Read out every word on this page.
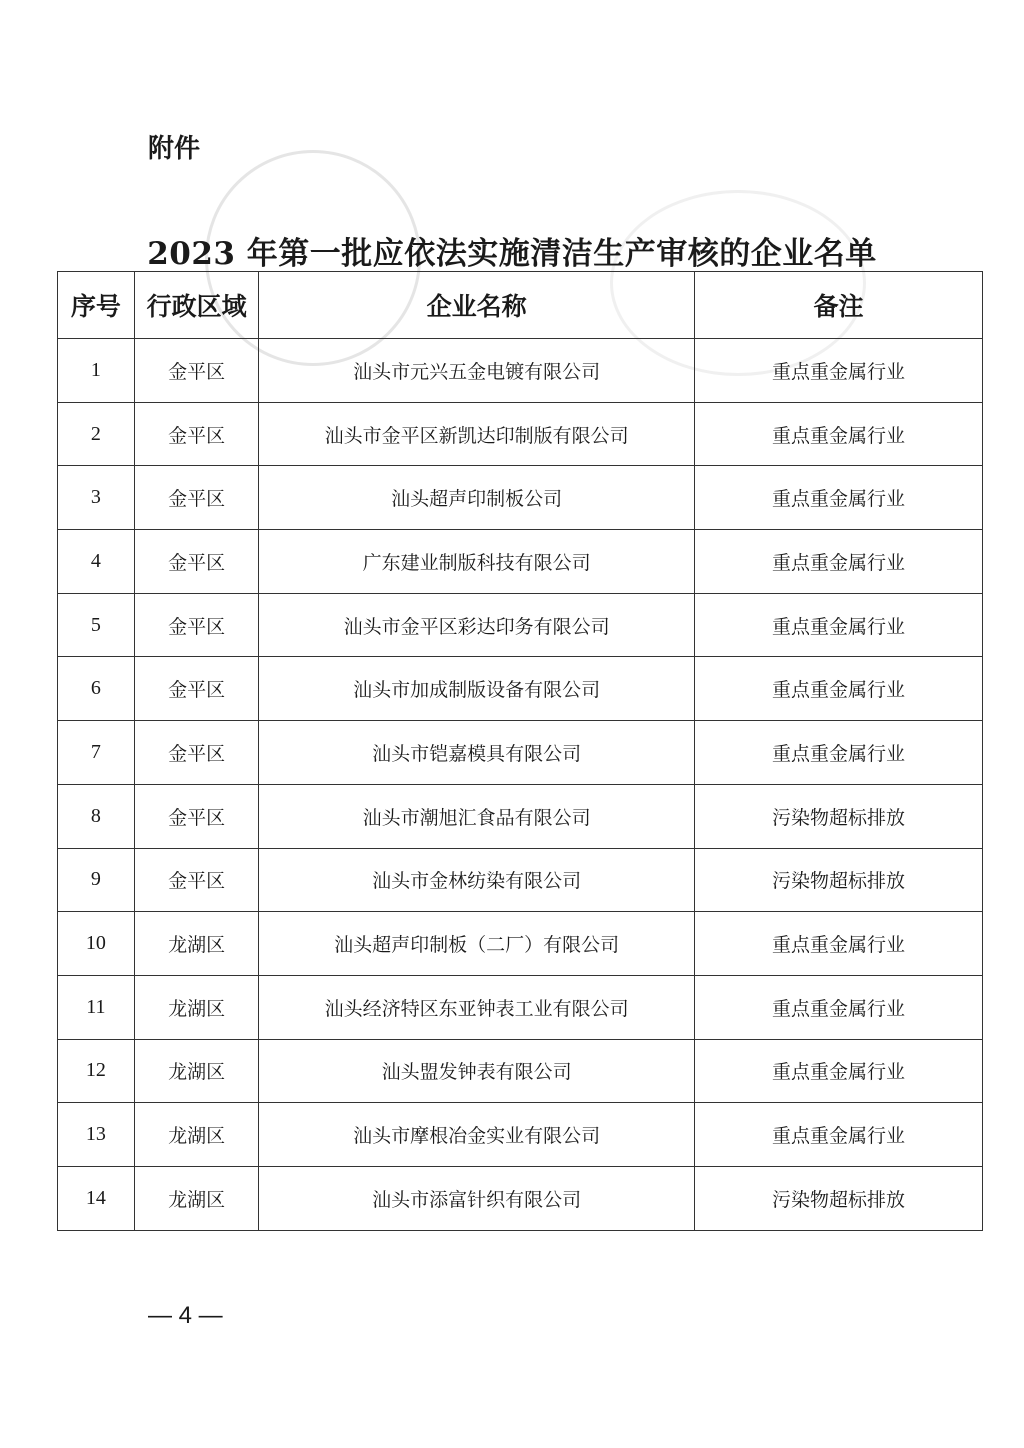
附件
2023 年第一批应依法实施清洁生产审核的企业名单
序号	行政区域	企业名称	备注
1	金平区	汕头市元兴五金电镀有限公司	重点重金属行业
2	金平区	汕头市金平区新凯达印制版有限公司	重点重金属行业
3	金平区	汕头超声印制板公司	重点重金属行业
4	金平区	广东建业制版科技有限公司	重点重金属行业
5	金平区	汕头市金平区彩达印务有限公司	重点重金属行业
6	金平区	汕头市加成制版设备有限公司	重点重金属行业
7	金平区	汕头市铠嘉模具有限公司	重点重金属行业
8	金平区	汕头市潮旭汇食品有限公司	污染物超标排放
9	金平区	汕头市金林纺染有限公司	污染物超标排放
10	龙湖区	汕头超声印制板（二厂）有限公司	重点重金属行业
11	龙湖区	汕头经济特区东亚钟表工业有限公司	重点重金属行业
12	龙湖区	汕头盟发钟表有限公司	重点重金属行业
13	龙湖区	汕头市摩根冶金实业有限公司	重点重金属行业
14	龙湖区	汕头市添富针织有限公司	污染物超标排放
— 4 —
